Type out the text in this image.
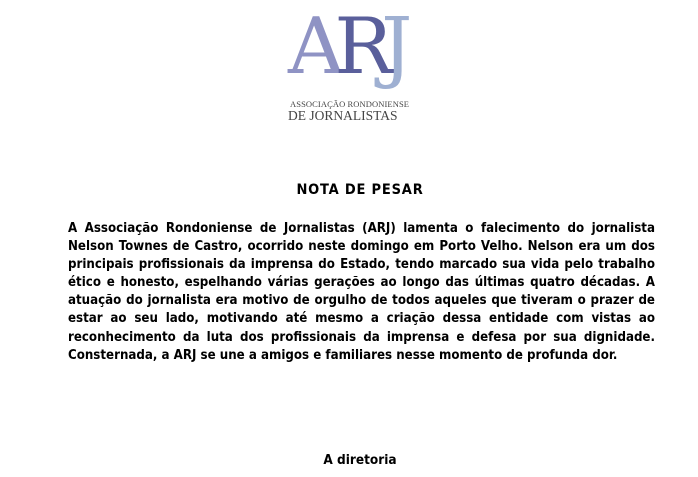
ARJ
ASSOCIAÇÃO RONDONIENSE
DE JORNALISTAS
NOTA DE PESAR
A Associação Rondoniense de Jornalistas (ARJ) lamenta o falecimento do jornalista Nelson Townes de Castro, ocorrido neste domingo em Porto Velho. Nelson era um dos principais profissionais da imprensa do Estado, tendo marcado sua vida pelo trabalho ético e honesto, espelhando várias gerações ao longo das últimas quatro décadas. A atuação do jornalista era motivo de orgulho de todos aqueles que tiveram o prazer de estar ao seu lado, motivando até mesmo a criação dessa entidade com vistas ao reconhecimento da luta dos profissionais da imprensa e defesa por sua dignidade. Consternada, a ARJ se une a amigos e familiares nesse momento de profunda dor.
A diretoria
